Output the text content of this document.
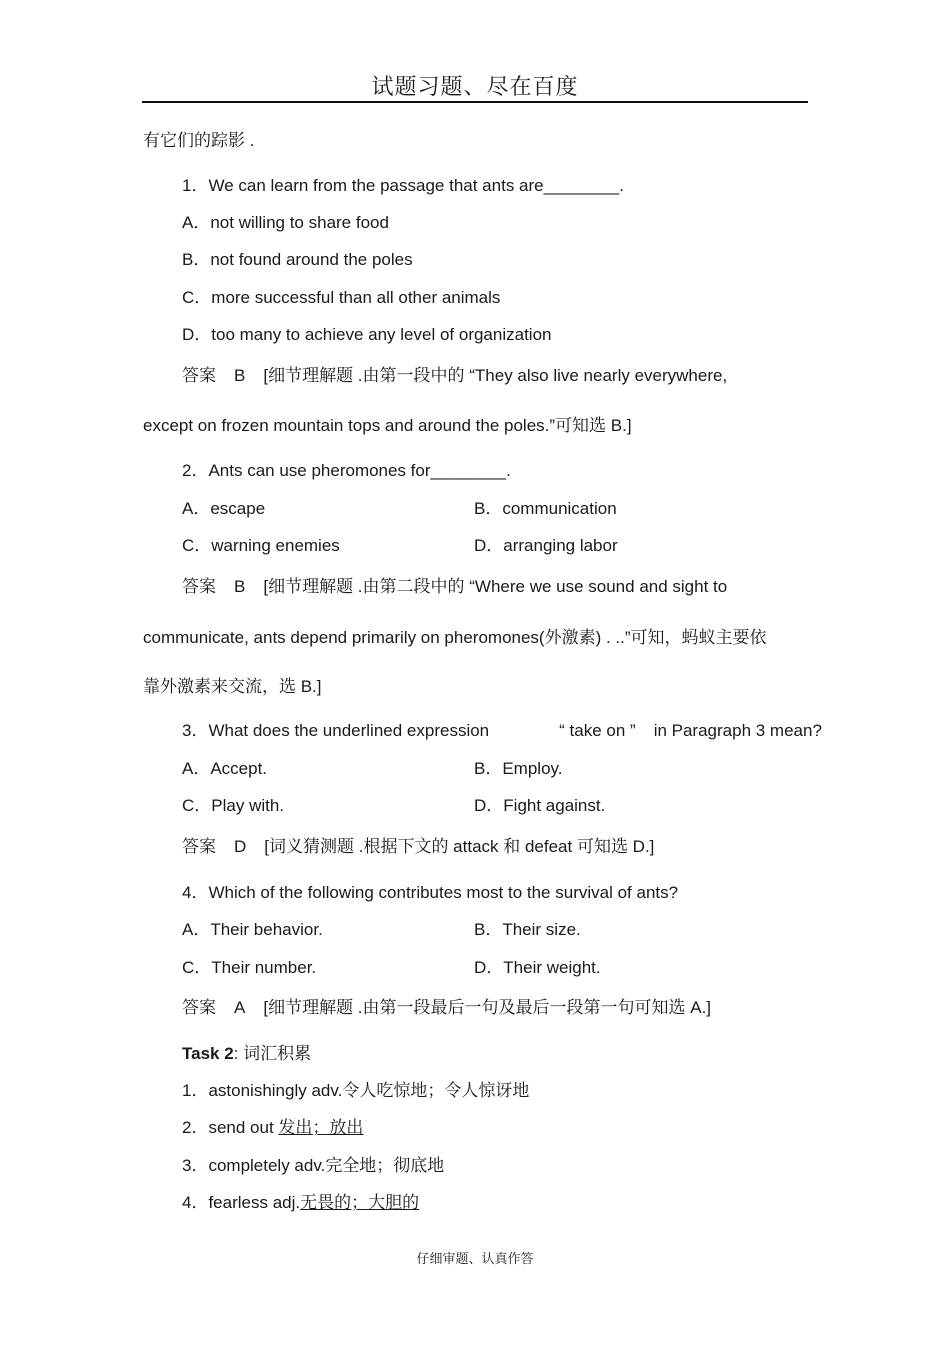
试题习题、尽在百度
有它们的踪影 .
1．We can learn from the passage that ants are________.
A．not willing to share food
B．not found around the poles
C．more successful than all other animals
D．too many to achieve any level of organization
答案 B [细节理解题 .由第一段中的 “They also live nearly everywhere,
except on frozen mountain tops and around the poles.”可知选 B.]
2．Ants can use pheromones for________.
A．escape	B．communication
C．warning enemies	D．arranging labor
答案 B [细节理解题 .由第二段中的 “Where we use sound and sight to
communicate, ants depend primarily on pheromones(外激素) . ..”可知，蚂蚁主要依
靠外激素来交流，选 B.]
3．What does the underlined expression	“ take on ” in Paragraph 3 mean?
A．Accept.	B．Employ.
C．Play with.	D．Fight against.
答案 D [词义猜测题 .根据下文的 attack 和 defeat 可知选 D.]
4．Which of the following contributes most to the survival of ants?
A．Their behavior.	B．Their size.
C．Their number.	D．Their weight.
答案 A [细节理解题 .由第一段最后一句及最后一段第一句可知选 A.]
Task 2: 词汇积累
1．astonishingly adv.令人吃惊地；令人惊讶地
2．send out 发出；放出
3．completely adv.完全地；彻底地
4．fearless adj.无畏的；大胆的
仔细审题、认真作答
